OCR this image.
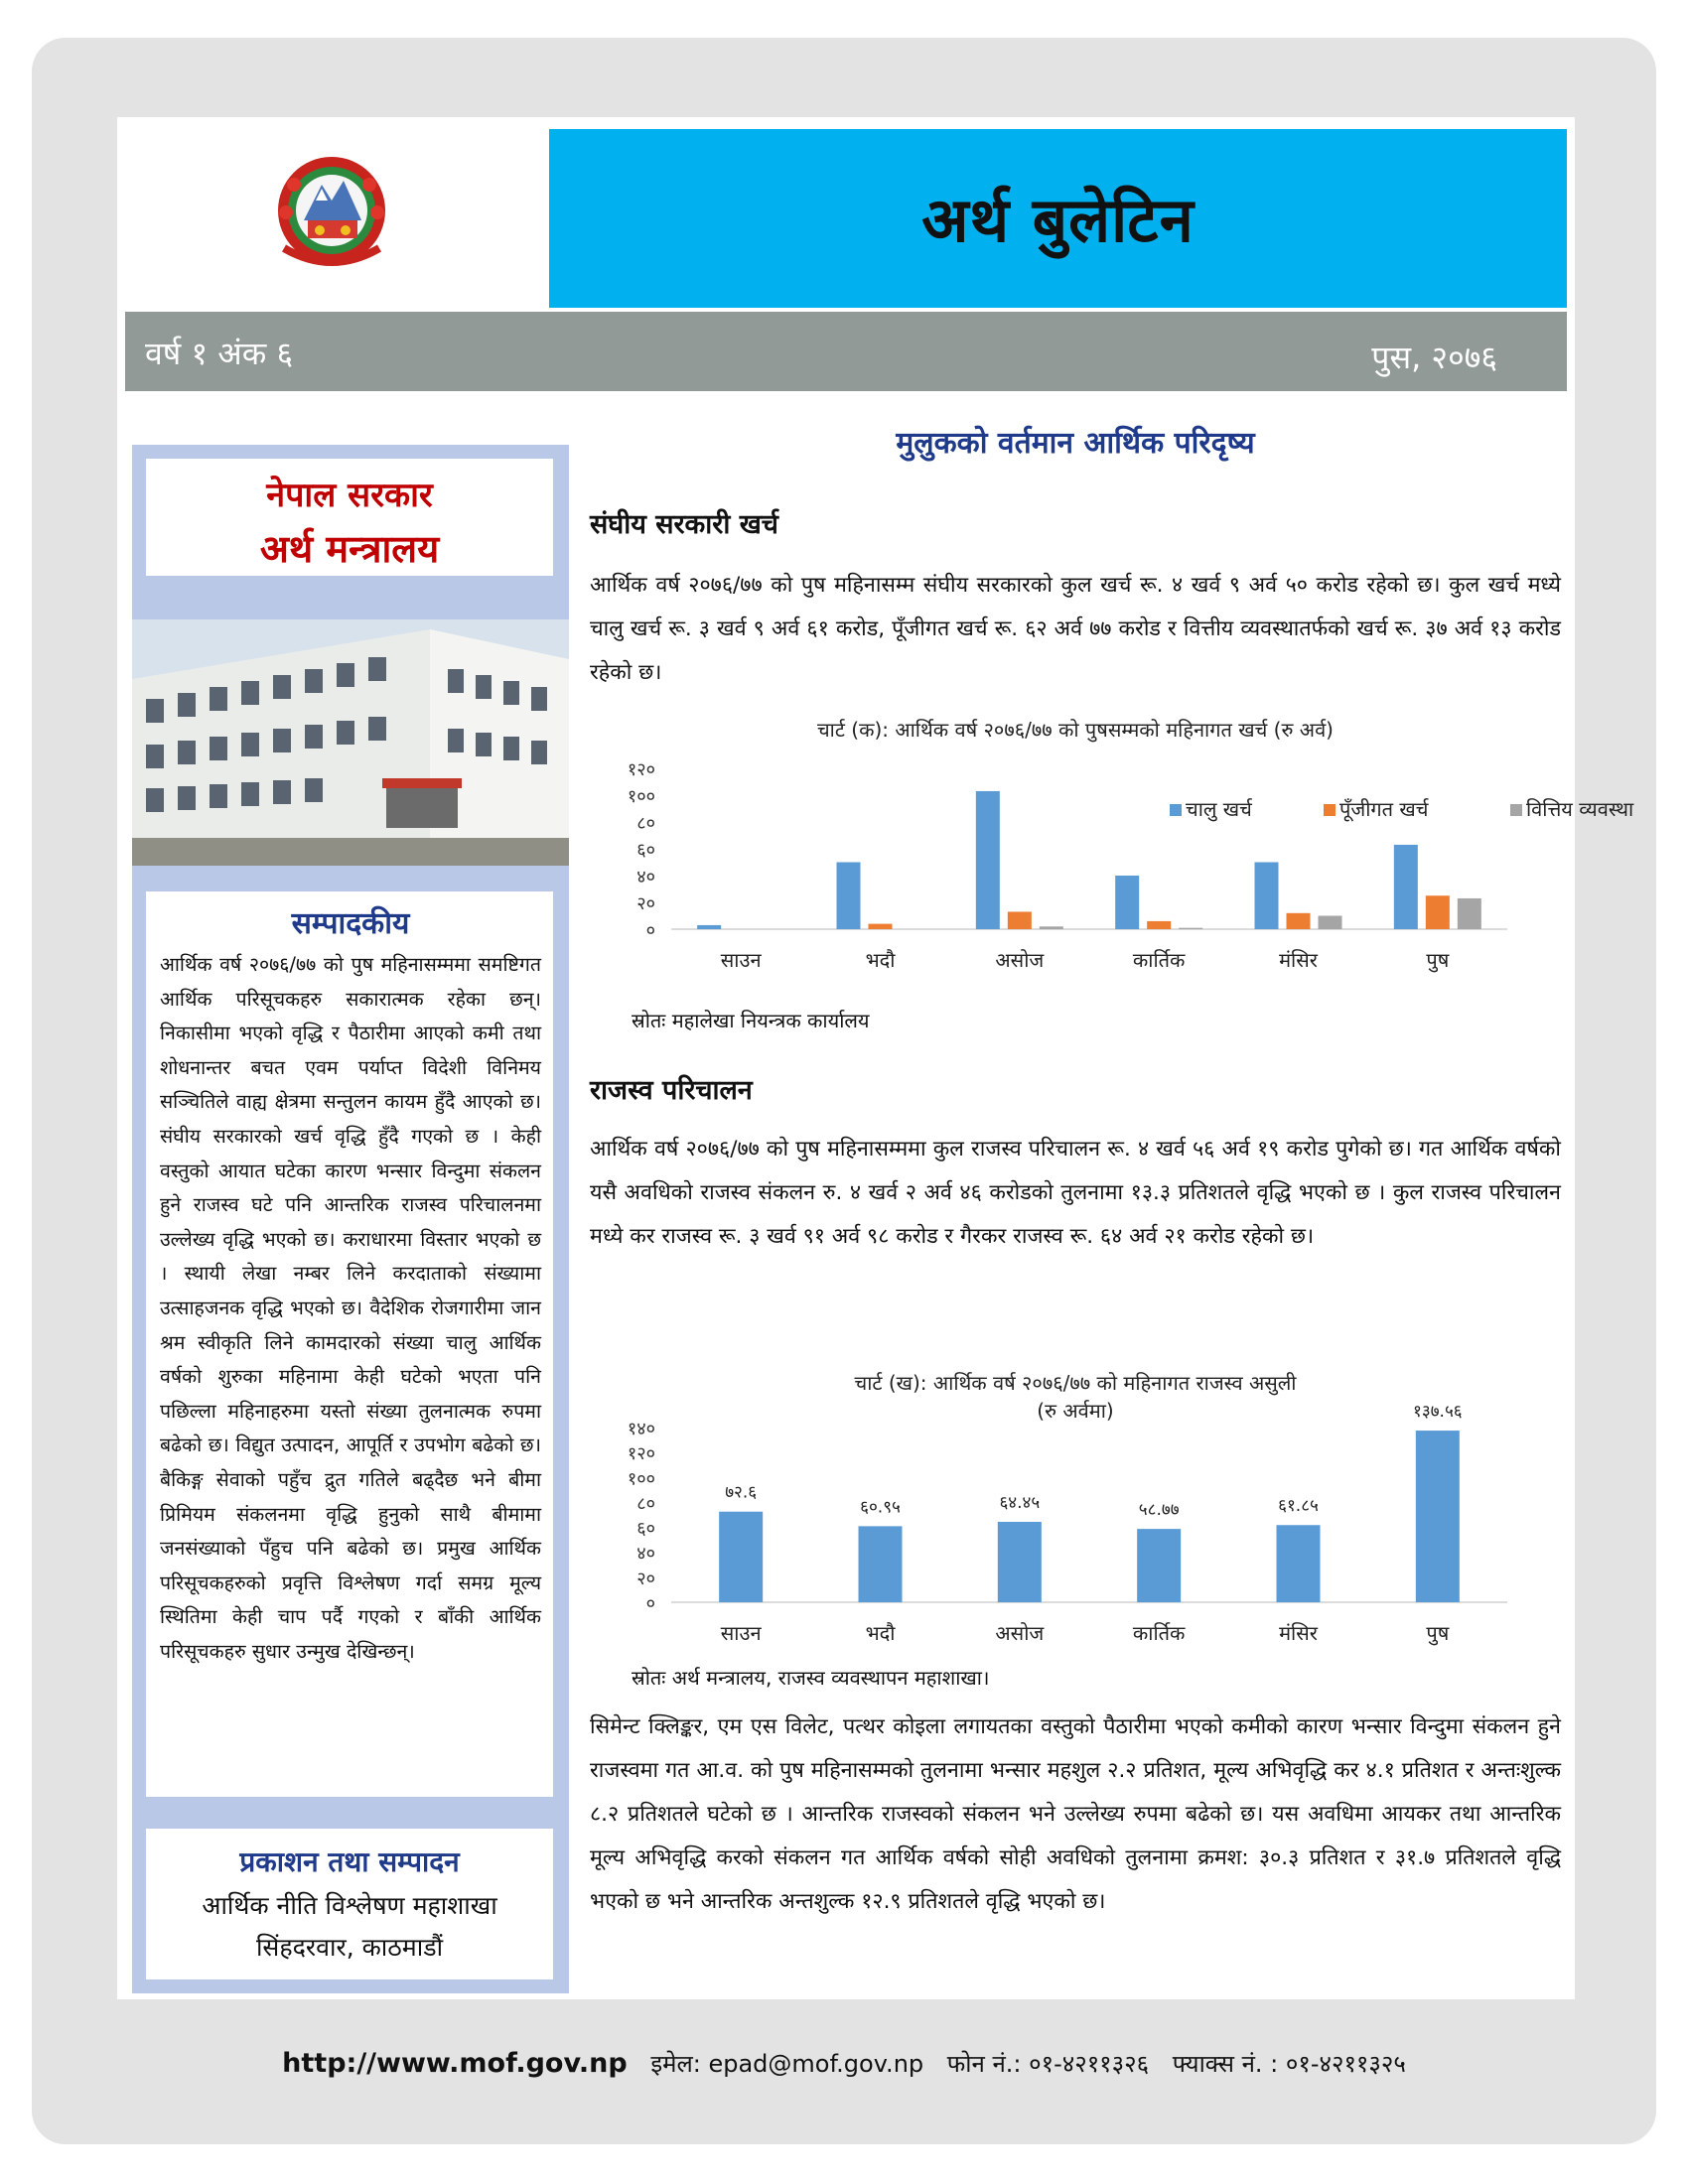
अर्थ बुलेटिन
वर्ष १ अंक ६	पुस, २०७६
नेपाल सरकार
अर्थ मन्त्रालय
सम्पादकीय
आर्थिक वर्ष २०७६/७७ को पुष महिनासम्ममा समष्टिगत आर्थिक परिसूचकहरु सकारात्मक रहेका छन्। निकासीमा भएको वृद्धि र पैठारीमा आएको कमी तथा शोधनान्तर बचत एवम पर्याप्त विदेशी विनिमय सञ्चितिले वाह्य क्षेत्रमा सन्तुलन कायम हुँदै आएको छ। संघीय सरकारको खर्च वृद्धि हुँदै गएको छ । केही वस्तुको आयात घटेका कारण भन्सार विन्दुमा संकलन हुने राजस्व घटे पनि आन्तरिक राजस्व परिचालनमा उल्लेख्य वृद्धि भएको छ। कराधारमा विस्तार भएको छ । स्थायी लेखा नम्बर लिने करदाताको संख्यामा उत्साहजनक वृद्धि भएको छ। वैदेशिक रोजगारीमा जान श्रम स्वीकृति लिने कामदारको संख्या चालु आर्थिक वर्षको शुरुका महिनामा केही घटेको भएता पनि पछिल्ला महिनाहरुमा यस्तो संख्या तुलनात्मक रुपमा बढेको छ। विद्युत उत्पादन, आपूर्ति र उपभोग बढेको छ। बैकिङ्ग सेवाको पहुँच द्रुत गतिले बढ्दैछ भने बीमा प्रिमियम संकलनमा वृद्धि हुनुको साथै बीमामा जनसंख्याको पँहुच पनि बढेको छ। प्रमुख आर्थिक परिसूचकहरुको प्रवृत्ति विश्लेषण गर्दा समग्र मूल्य स्थितिमा केही चाप पर्दै गएको र बाँकी आर्थिक परिसूचकहरु सुधार उन्मुख देखिन्छन्।
प्रकाशन तथा सम्पादन
आर्थिक नीति विश्लेषण महाशाखा
सिंहदरवार, काठमाडौं
मुलुकको वर्तमान आर्थिक परिदृष्य
संघीय सरकारी खर्च
आर्थिक वर्ष २०७६/७७ को पुष महिनासम्म संघीय सरकारको कुल खर्च रू. ४ खर्व ९ अर्व ५० करोड रहेको छ। कुल खर्च मध्ये चालु खर्च रू. ३ खर्व ९ अर्व ६१ करोड, पूँजीगत खर्च रू. ६२ अर्व ७७ करोड र वित्तीय व्यवस्थातर्फको खर्च रू. ३७ अर्व १३ करोड रहेको छ।
चार्ट (क): आर्थिक वर्ष २०७६/७७ को पुषसम्मको महिनागत खर्च (रु अर्व)
०
२०
४०
६०
८०
१००
१२०
साउन	भदौ	असोज	कार्तिक	मंसिर	पुष
चालु खर्च	पूँजीगत खर्च	वित्तिय व्यवस्था
स्रोतः महालेखा नियन्त्रक कार्यालय
राजस्व परिचालन
आर्थिक वर्ष २०७६/७७ को पुष महिनासम्ममा कुल राजस्व परिचालन रू. ४ खर्व ५६ अर्व १९ करोड पुगेको छ। गत आर्थिक वर्षको यसै अवधिको राजस्व संकलन रु. ४ खर्व २ अर्व ४६ करोडको तुलनामा १३.३ प्रतिशतले वृद्धि भएको छ । कुल राजस्व परिचालन मध्ये कर राजस्व रू. ३ खर्व ९१ अर्व ९८ करोड र गैरकर राजस्व रू. ६४ अर्व २१ करोड रहेको छ।
चार्ट (ख): आर्थिक वर्ष २०७६/७७ को महिनागत राजस्व असुली
(रु अर्वमा)
०
२०
४०
६०
८०
१००
१२०
१४०
साउन
७२.६
भदौ
६०.९५
असोज
६४.४५
कार्तिक
५८.७७
मंसिर
६१.८५
पुष
१३७.५६
स्रोतः अर्थ मन्त्रालय, राजस्व व्यवस्थापन महाशाखा।
सिमेन्ट क्लिङ्कर, एम एस विलेट, पत्थर कोइला लगायतका वस्तुको पैठारीमा भएको कमीको कारण भन्सार विन्दुमा संकलन हुने राजस्वमा गत आ.व. को पुष महिनासम्मको तुलनामा भन्सार महशुल २.२ प्रतिशत, मूल्य अभिवृद्धि कर ४.१ प्रतिशत र अन्तःशुल्क ८.२ प्रतिशतले घटेको छ । आन्तरिक राजस्वको संकलन भने उल्लेख्य रुपमा बढेको छ। यस अवधिमा आयकर तथा आन्तरिक मूल्य अभिवृद्धि करको संकलन गत आर्थिक वर्षको सोही अवधिको तुलनामा क्रमश: ३०.३ प्रतिशत र ३१.७ प्रतिशतले वृद्धि भएको छ भने आन्तरिक अन्तशुल्क १२.९ प्रतिशतले वृद्धि भएको छ।
http://www.mof.gov.np इमेल: epad@mof.gov.np फोन नं.: ०१-४२११३२६ फ्याक्स नं. : ०१-४२११३२५
